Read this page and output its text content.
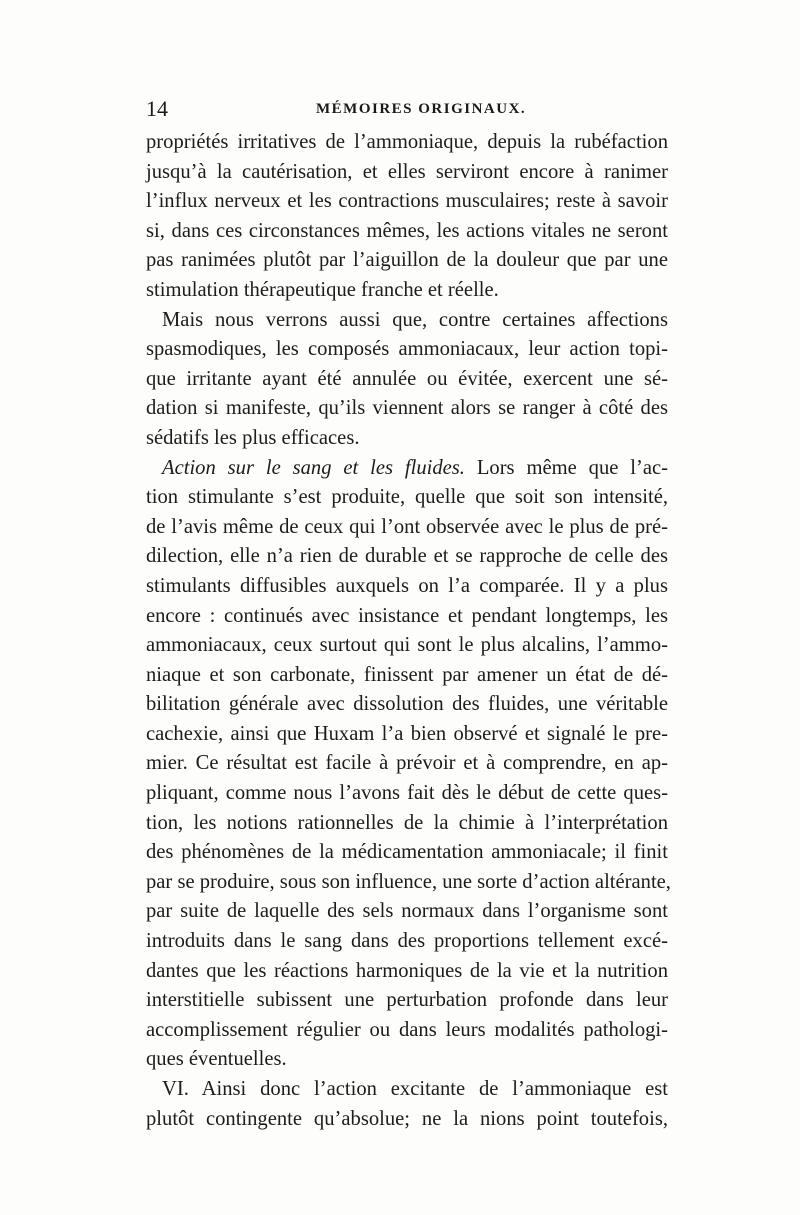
14	MÉMOIRES ORIGINAUX.
propriétés irritatives de l’ammoniaque, depuis la rubéfaction
jusqu’à la cautérisation, et elles serviront encore à ranimer
l’influx nerveux et les contractions musculaires; reste à savoir
si, dans ces circonstances mêmes, les actions vitales ne seront
pas ranimées plutôt par l’aiguillon de la douleur que par une
stimulation thérapeutique franche et réelle.
Mais nous verrons aussi que, contre certaines affections
spasmodiques, les composés ammoniacaux, leur action topi-
que irritante ayant été annulée ou évitée, exercent une sé-
dation si manifeste, qu’ils viennent alors se ranger à côté des
sédatifs les plus efficaces.
Action sur le sang et les fluides. Lors même que l’ac-
tion stimulante s’est produite, quelle que soit son intensité,
de l’avis même de ceux qui l’ont observée avec le plus de pré-
dilection, elle n’a rien de durable et se rapproche de celle des
stimulants diffusibles auxquels on l’a comparée. Il y a plus
encore : continués avec insistance et pendant longtemps, les
ammoniacaux, ceux surtout qui sont le plus alcalins, l’ammo-
niaque et son carbonate, finissent par amener un état de dé-
bilitation générale avec dissolution des fluides, une véritable
cachexie, ainsi que Huxam l’a bien observé et signalé le pre-
mier. Ce résultat est facile à prévoir et à comprendre, en ap-
pliquant, comme nous l’avons fait dès le début de cette ques-
tion, les notions rationnelles de la chimie à l’interprétation
des phénomènes de la médicamentation ammoniacale; il finit
par se produire, sous son influence, une sorte d’action altérante,
par suite de laquelle des sels normaux dans l’organisme sont
introduits dans le sang dans des proportions tellement excé-
dantes que les réactions harmoniques de la vie et la nutrition
interstitielle subissent une perturbation profonde dans leur
accomplissement régulier ou dans leurs modalités pathologi-
ques éventuelles.
VI. Ainsi donc l’action excitante de l’ammoniaque est
plutôt contingente qu’absolue; ne la nions point toutefois,
